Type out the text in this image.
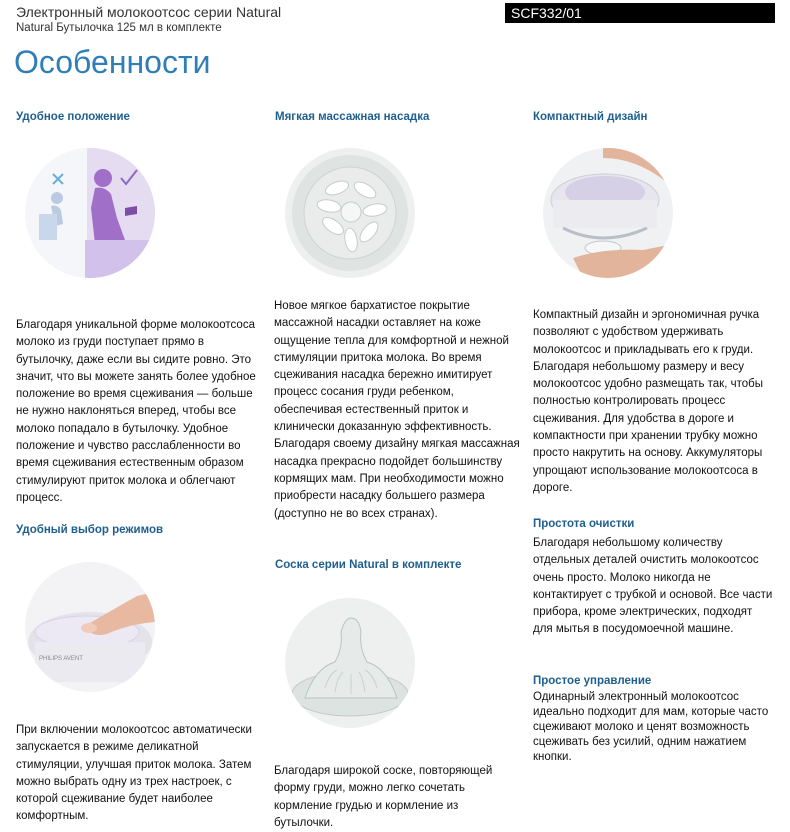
Электронный молокоотсос серии Natural
Natural Бутылочка 125 мл в комплекте
SCF332/01
Особенности
Удобное положение
Благодаря уникальной форме молокоотсоса молоко из груди поступает прямо в бутылочку, даже если вы сидите ровно. Это значит, что вы можете занять более удобное положение во время сцеживания — больше не нужно наклоняться вперед, чтобы все молоко попадало в бутылочку. Удобное положение и чувство расслабленности во время сцеживания естественным образом стимулируют приток молока и облегчают процесс.
Удобный выбор режимов
PHILIPS AVENT
При включении молокоотсос автоматически запускается в режиме деликатной стимуляции, улучшая приток молока. Затем можно выбрать одну из трех настроек, с которой сцеживание будет наиболее комфортным.
Мягкая массажная насадка
Новое мягкое бархатистое покрытие массажной насадки оставляет на коже ощущение тепла для комфортной и нежной стимуляции притока молока. Во время сцеживания насадка бережно имитирует процесс сосания груди ребенком, обеспечивая естественный приток и клинически доказанную эффективность. Благодаря своему дизайну мягкая массажная насадка прекрасно подойдет большинству кормящих мам. При необходимости можно приобрести насадку большего размера (доступно не во всех странах).
Соска серии Natural в комплекте
Благодаря широкой соске, повторяющей форму груди, можно легко сочетать кормление грудью и кормление из бутылочки.
Компактный дизайн
Компактный дизайн и эргономичная ручка позволяют с удобством удерживать молокоотсос и прикладывать его к груди. Благодаря небольшому размеру и весу молокоотсос удобно размещать так, чтобы полностью контролировать процесс сцеживания. Для удобства в дороге и компактности при хранении трубку можно просто накрутить на основу. Аккумуляторы упрощают использование молокоотсоса в дороге.
Простота очистки
Благодаря небольшому количеству отдельных деталей очистить молокоотсос очень просто. Молоко никогда не контактирует с трубкой и основой. Все части прибора, кроме электрических, подходят для мытья в посудомоечной машине.
Простое управление
Одинарный электронный молокоотсос идеально подходит для мам, которые часто сцеживают молоко и ценят возможность сцеживать без усилий, одним нажатием кнопки.
